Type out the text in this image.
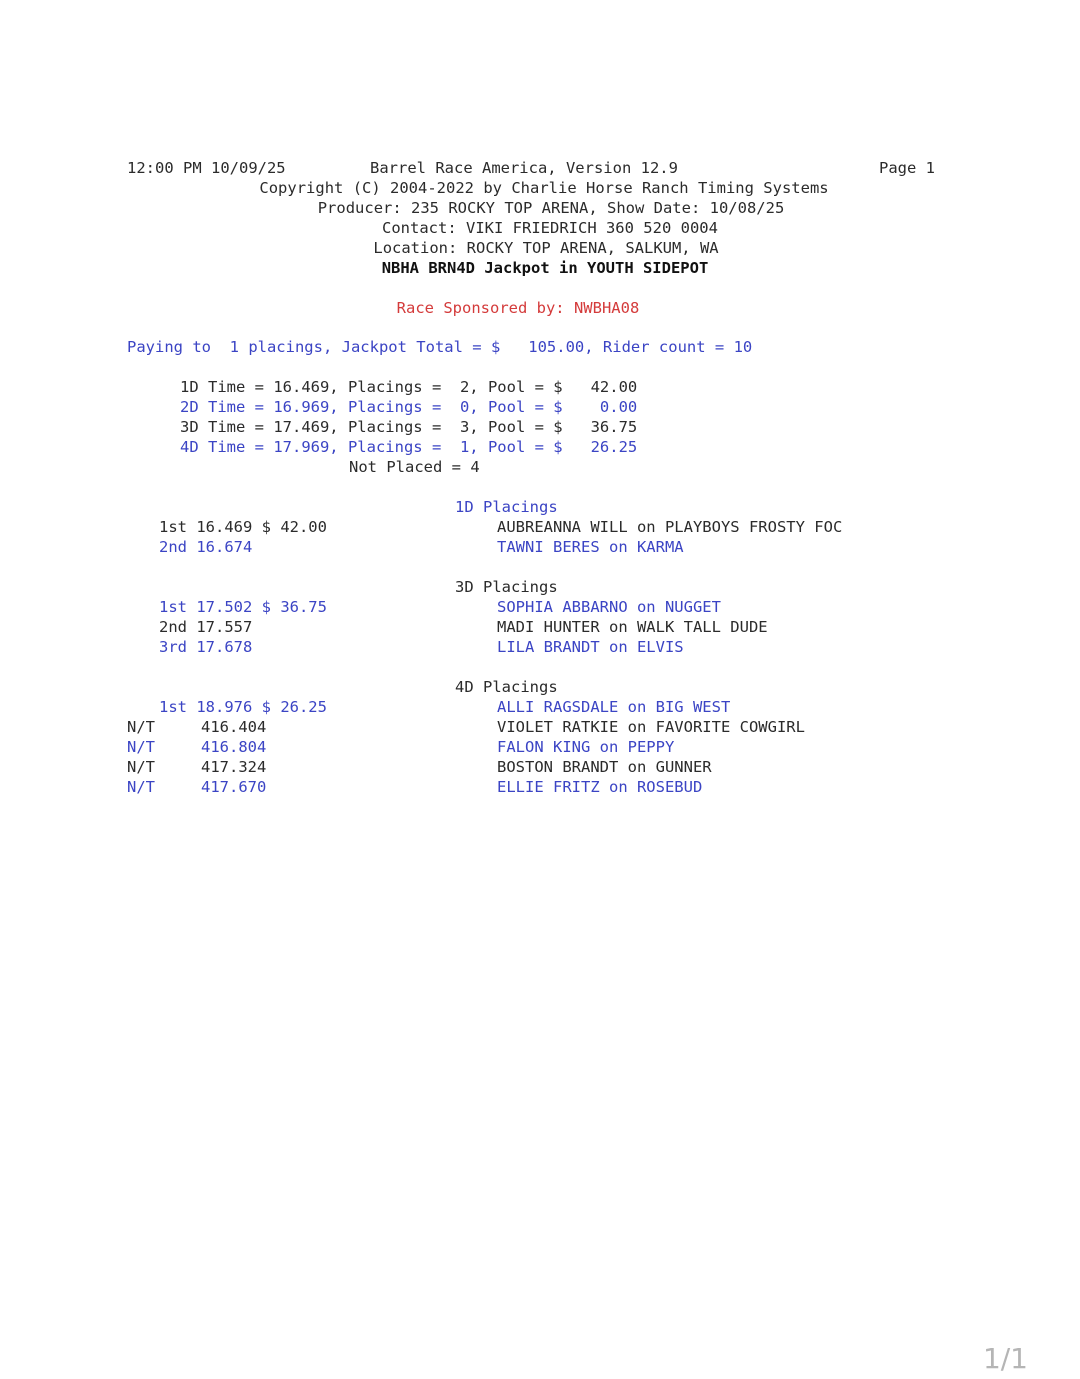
12:00 PM 10/09/25	Barrel Race America, Version 12.9	Page 1
Copyright (C) 2004-2022 by Charlie Horse Ranch Timing Systems
Producer: 235 ROCKY TOP ARENA, Show Date: 10/08/25
Contact: VIKI FRIEDRICH 360 520 0004
Location: ROCKY TOP ARENA, SALKUM, WA
NBHA BRN4D Jackpot in YOUTH SIDEPOT
Race Sponsored by: NWBHA08
Paying to  1 placings, Jackpot Total = $   105.00, Rider count = 10
1D Time = 16.469, Placings =  2, Pool = $   42.00
2D Time = 16.969, Placings =  0, Pool = $    0.00
3D Time = 17.469, Placings =  3, Pool = $   36.75
4D Time = 17.969, Placings =  1, Pool = $   26.25
Not Placed = 4
1D Placings
1st 16.469 $ 42.00	AUBREANNA WILL on PLAYBOYS FROSTY FOC
2nd 16.674	TAWNI BERES on KARMA
3D Placings
1st 17.502 $ 36.75	SOPHIA ABBARNO on NUGGET
2nd 17.557	MADI HUNTER on WALK TALL DUDE
3rd 17.678	LILA BRANDT on ELVIS
4D Placings
1st 18.976 $ 26.25	ALLI RAGSDALE on BIG WEST
N/T	416.404	VIOLET RATKIE on FAVORITE COWGIRL
N/T	416.804	FALON KING on PEPPY
N/T	417.324	BOSTON BRANDT on GUNNER
N/T	417.670	ELLIE FRITZ on ROSEBUD
1/1
